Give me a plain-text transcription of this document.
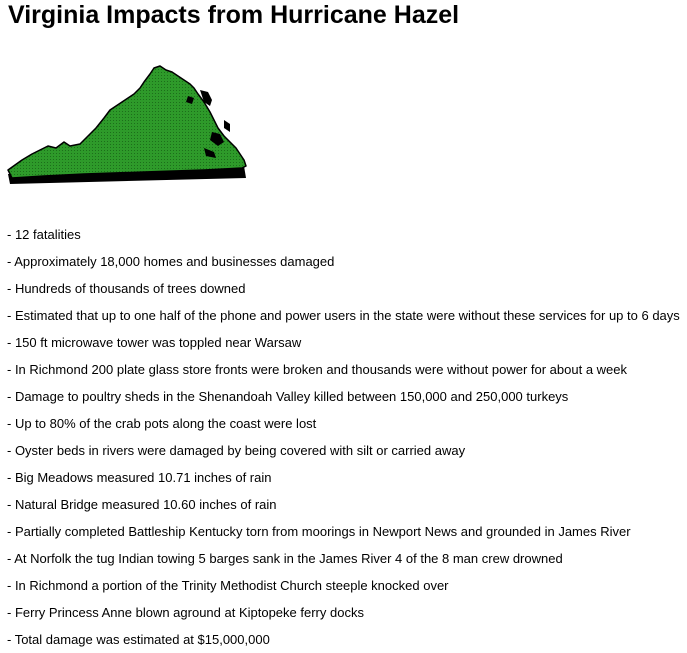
Virginia Impacts from Hurricane Hazel
- 12 fatalities
- Approximately 18,000 homes and businesses damaged
- Hundreds of thousands of trees downed
- Estimated that up to one half of the phone and power users in the state were without these services for up to 6 days
- 150 ft microwave tower was toppled near Warsaw
- In Richmond 200 plate glass store fronts were broken and thousands were without power for about a week
- Damage to poultry sheds in the Shenandoah Valley killed between 150,000 and 250,000 turkeys
- Up to 80% of the crab pots along the coast were lost
- Oyster beds in rivers were damaged by being covered with silt or carried away
- Big Meadows measured 10.71 inches of rain
- Natural Bridge measured 10.60 inches of rain
- Partially completed Battleship Kentucky torn from moorings in Newport News and grounded in James River
- At Norfolk the tug Indian towing 5 barges sank in the James River 4 of the 8 man crew drowned
- In Richmond a portion of the Trinity Methodist Church steeple knocked over
- Ferry Princess Anne blown aground at Kiptopeke ferry docks
- Total damage was estimated at $15,000,000
